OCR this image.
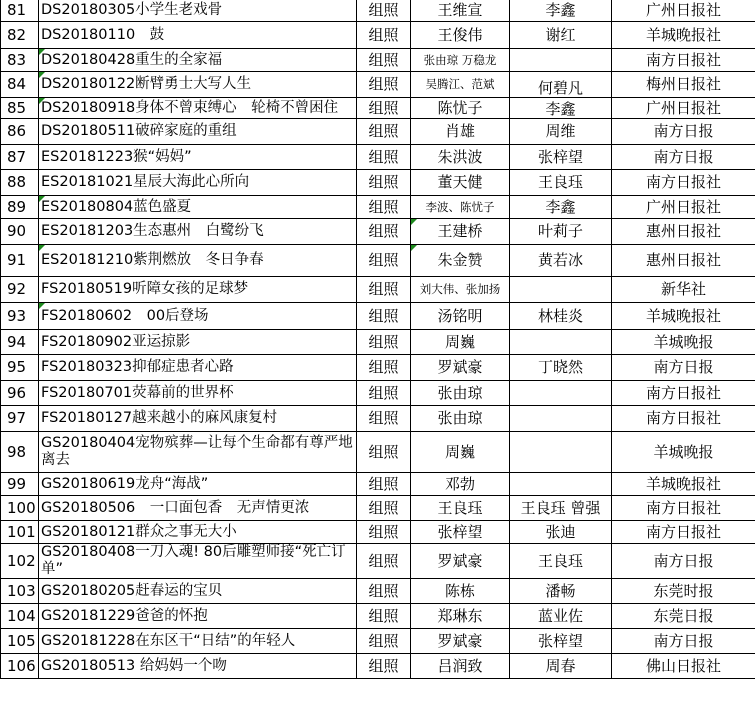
81	DS20180305小学生老戏骨	组照	王维宣	李鑫	广州日报社
82	DS20180110　鼓	组照	王俊伟	谢红	羊城晚报社
83	DS20180428重生的全家福	组照	张由琼 万稳龙		南方日报社
84	DS20180122断臂勇士大写人生	组照	吴腾江、范斌	何碧凡	梅州日报社
85	DS20180918身体不曾束缚心　轮椅不曾困住	组照	陈忧子	李鑫	广州日报社
86	DS20180511破碎家庭的重组	组照	肖雄	周维	南方日报
87	ES20181223猴“妈妈”	组照	朱洪波	张梓望	南方日报
88	ES20181021星辰大海此心所向	组照	董天健	王良珏	南方日报社
89	ES20180804蓝色盛夏	组照	李波、陈忧子	李鑫	广州日报社
90	ES20181203生态惠州　白鹭纷飞	组照	王建桥	叶莉子	惠州日报社
91	ES20181210紫荆燃放　冬日争春	组照	朱金赞	黄若冰	惠州日报社
92	FS20180519听障女孩的足球梦	组照	刘大伟、张加扬		新华社
93	FS20180602　00后登场	组照	汤铭明	林桂炎	羊城晚报社
94	FS20180902亚运掠影	组照	周巍		羊城晚报
95	FS20180323抑郁症患者心路	组照	罗斌豪	丁晓然	南方日报
96	FS20180701荧幕前的世界杯	组照	张由琼		南方日报社
97	FS20180127越来越小的麻风康复村	组照	张由琼		南方日报社
98	GS20180404宠物殡葬—让每个生命都有尊严地离去	组照	周巍		羊城晚报
99	GS20180619龙舟“海战”	组照	邓勃		羊城晚报社
100	GS20180506　一口面包香　无声情更浓	组照	王良珏	王良珏 曾强	南方日报社
101	GS20180121群众之事无大小	组照	张梓望	张迪	南方日报社
102	GS20180408一刀入魂! 80后雕塑师接“死亡订单”	组照	罗斌豪	王良珏	南方日报
103	GS20180205赶春运的宝贝	组照	陈栋	潘畅	东莞时报
104	GS20181229爸爸的怀抱	组照	郑琳东	蓝业佐	东莞日报
105	GS20181228在东区干“日结”的年轻人	组照	罗斌豪	张梓望	南方日报
106	GS20180513 给妈妈一个吻	组照	吕润致	周春	佛山日报社
